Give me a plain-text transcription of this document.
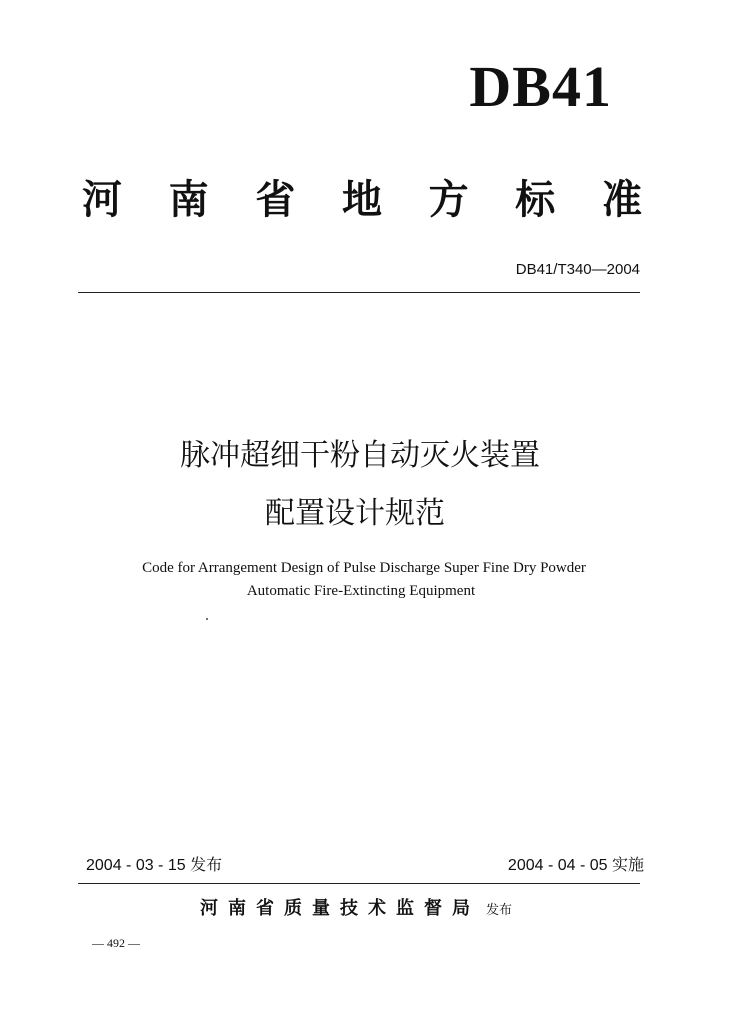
DB41
河 南 省 地 方 标 准
DB41/T340—2004
脉冲超细干粉自动灭火装置
配置设计规范
Code for Arrangement Design of Pulse Discharge Super Fine Dry Powder
Automatic Fire-Extincting Equipment
2004 - 03 - 15 发布	2004 - 04 - 05 实施
河南省质量技术监督局 发布
— 492 —
